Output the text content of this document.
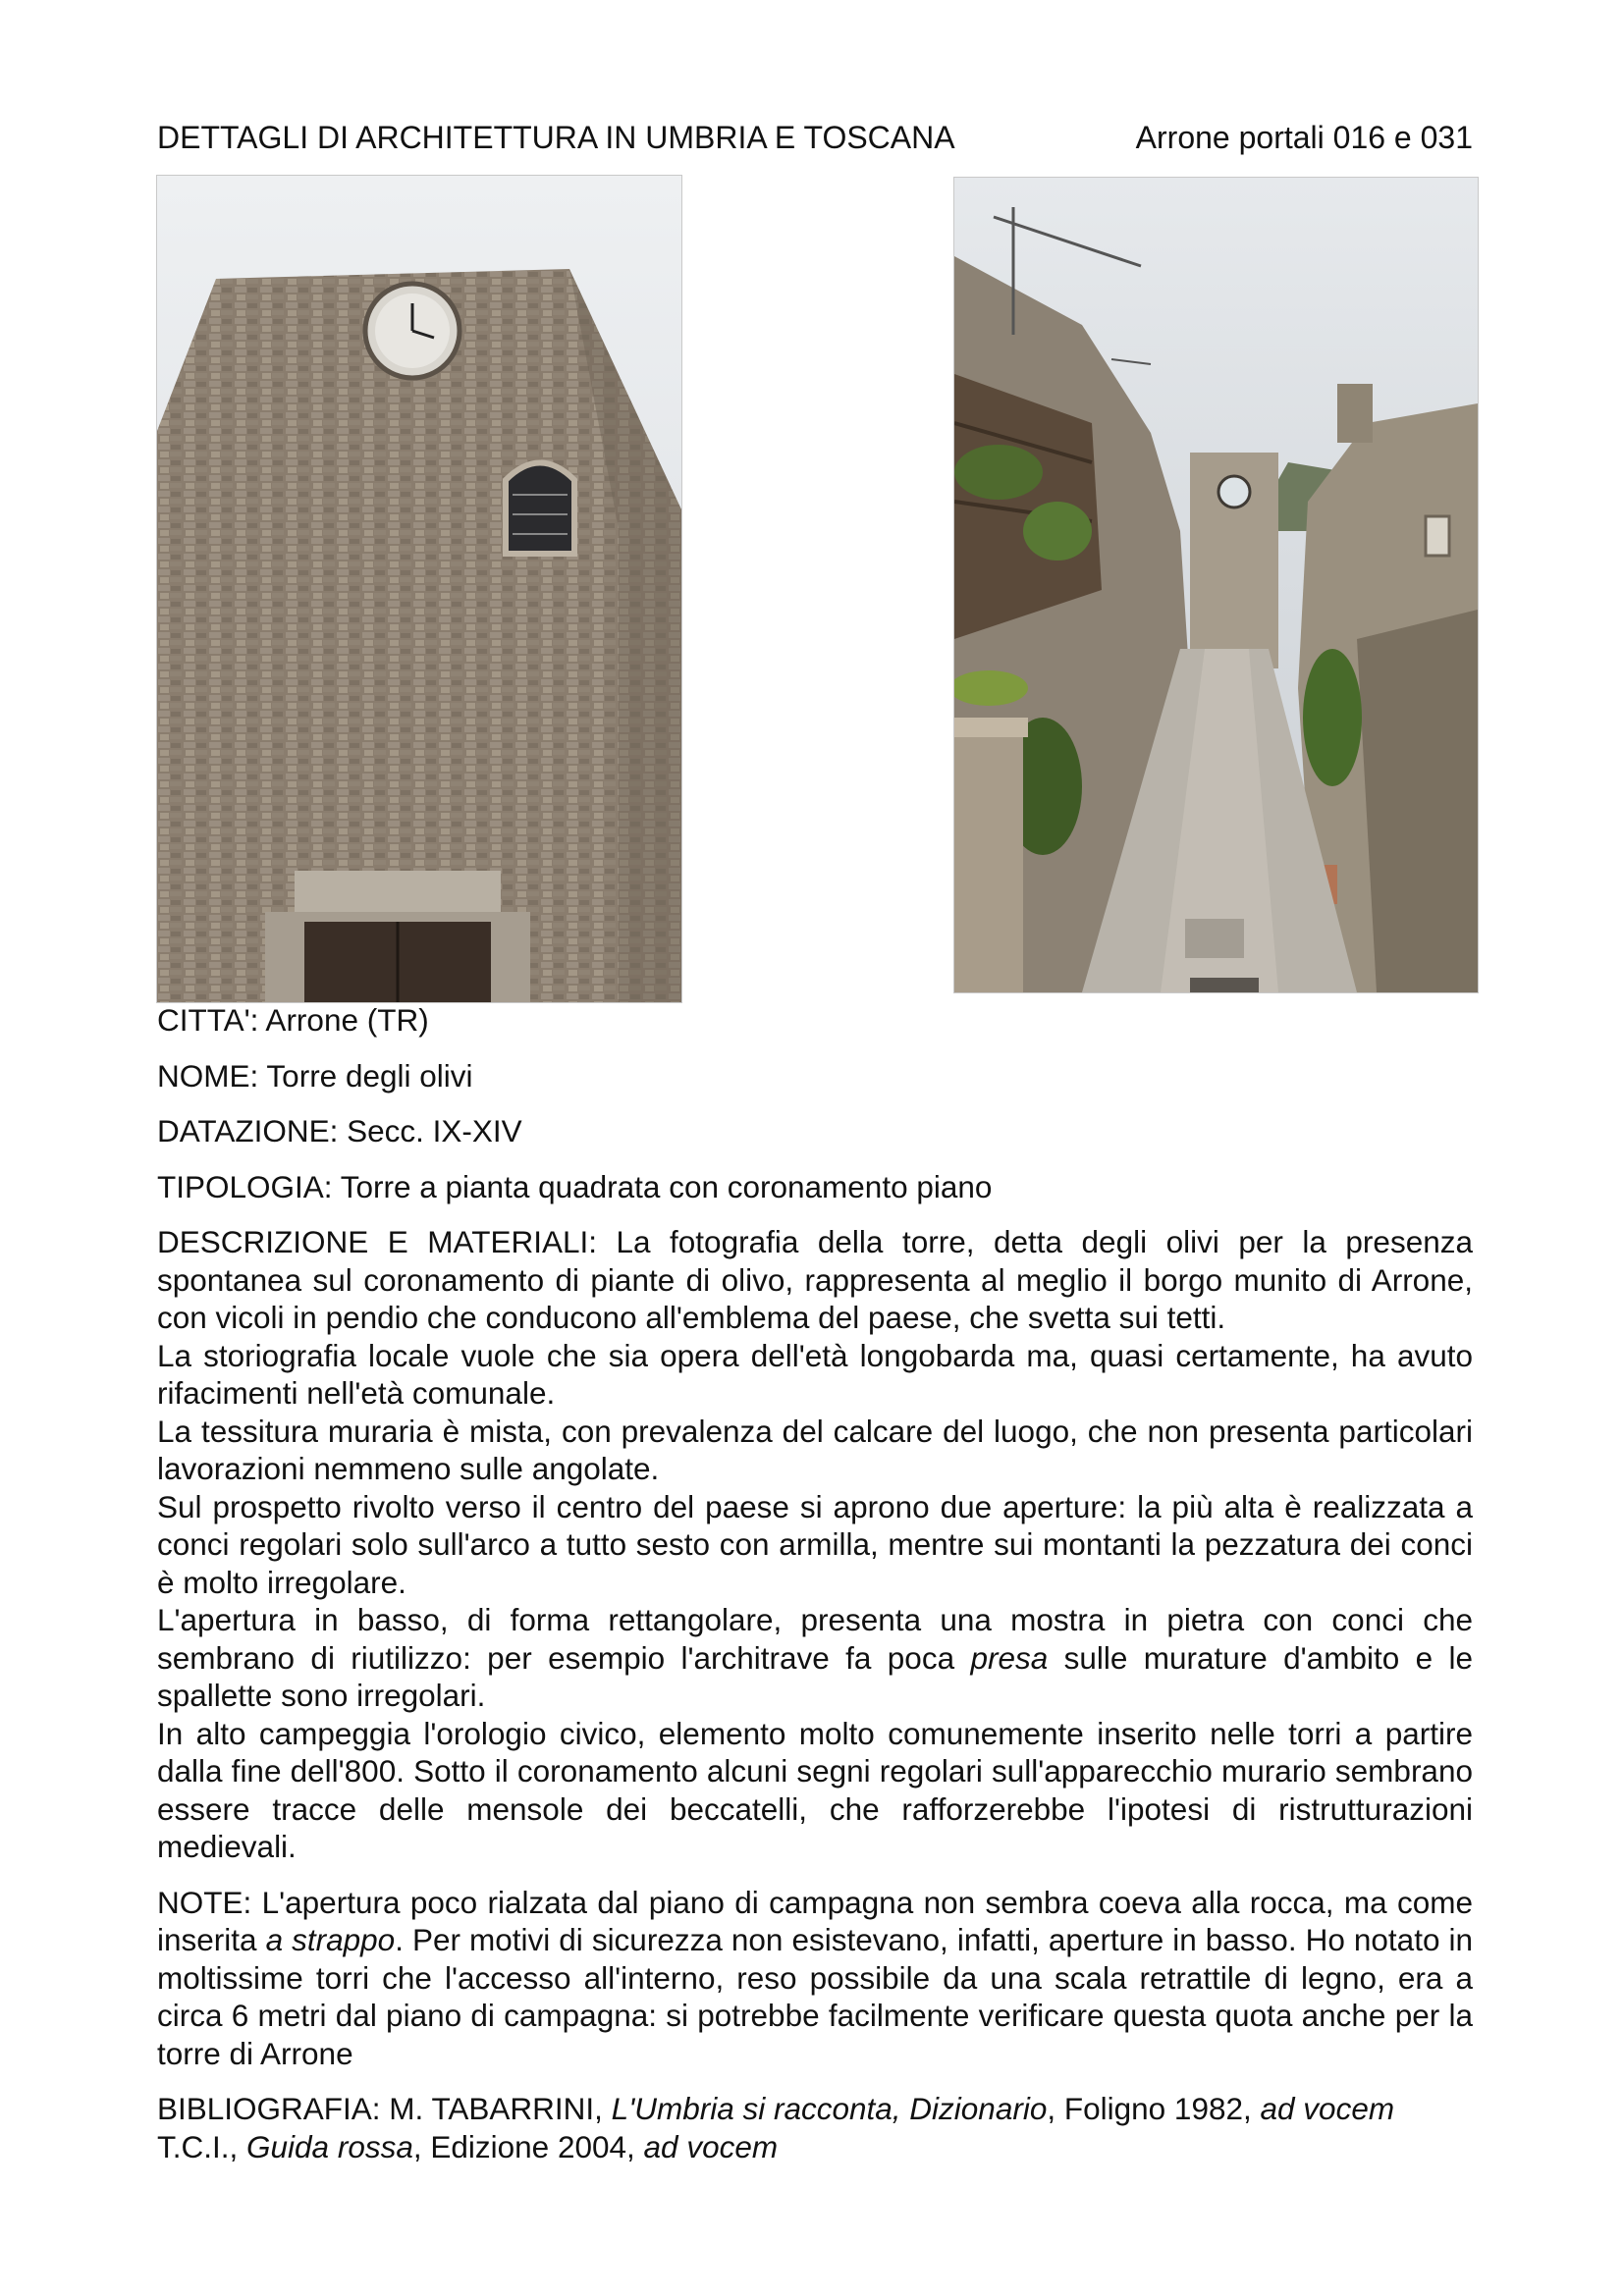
DETTAGLI DI ARCHITETTURA IN UMBRIA E TOSCANA	Arrone portali 016 e 031

CITTA': Arrone (TR)

NOME: Torre degli olivi

DATAZIONE: Secc. IX-XIV

TIPOLOGIA: Torre a pianta quadrata con coronamento piano

DESCRIZIONE E MATERIALI: La fotografia della torre, detta degli olivi per la presenza spontanea sul coronamento di piante di olivo, rappresenta al meglio il borgo munito di Arrone, con vicoli in pendio che conducono all'emblema del paese, che svetta sui tetti.

La storiografia locale vuole che sia opera dell'età longobarda ma, quasi certamente, ha avuto rifacimenti nell'età comunale.

La tessitura muraria è mista, con prevalenza del calcare del luogo, che non presenta particolari lavorazioni nemmeno sulle angolate.

Sul prospetto rivolto verso il centro del paese si aprono due aperture: la più alta è realizzata a conci regolari solo sull'arco a tutto sesto con armilla, mentre sui montanti la pezzatura dei conci è molto irregolare.

L'apertura in basso, di forma rettangolare, presenta una mostra in pietra con conci che sembrano di riutilizzo: per esempio l'architrave fa poca presa sulle murature d'ambito e le spallette sono irregolari.

In alto campeggia l'orologio civico, elemento molto comunemente inserito nelle torri a partire dalla fine dell'800. Sotto il coronamento alcuni segni regolari sull'apparecchio murario sembrano essere tracce delle mensole dei beccatelli, che rafforzerebbe l'ipotesi di ristrutturazioni medievali.

NOTE: L'apertura poco rialzata dal piano di campagna non sembra coeva alla rocca, ma come inserita a strappo. Per motivi di sicurezza non esistevano, infatti, aperture in basso. Ho notato in moltissime torri che l'accesso all'interno, reso possibile da una scala retrattile di legno, era a circa 6 metri dal piano di campagna: si potrebbe facilmente verificare questa quota anche per la torre di Arrone

BIBLIOGRAFIA: M. TABARRINI, L'Umbria si racconta, Dizionario, Foligno 1982, ad vocem

T.C.I., Guida rossa, Edizione 2004, ad vocem
